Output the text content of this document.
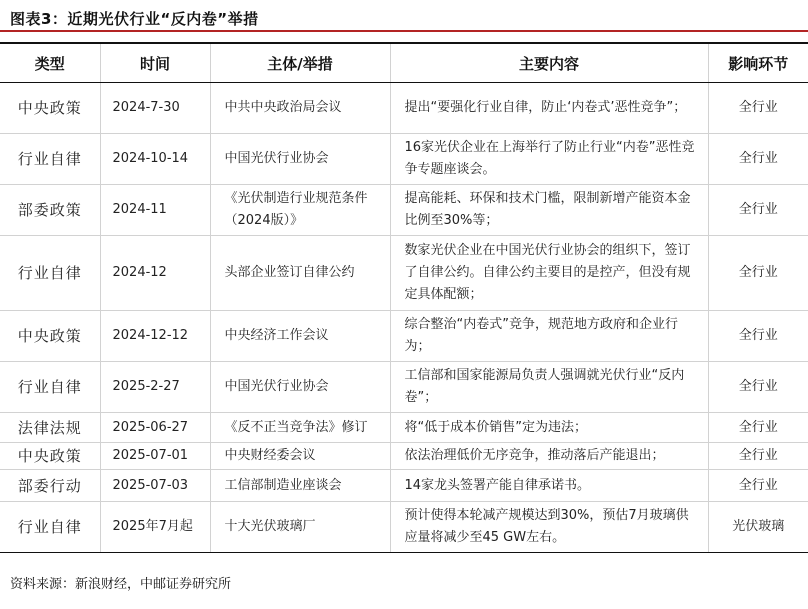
图表3：近期光伏行业“反内卷”举措
类型	时间	主体/举措	主要内容	影响环节
中央政策	2024-7-30	中共中央政治局会议	提出“要强化行业自律，防止‘内卷式’恶性竞争”；	全行业
行业自律	2024-10-14	中国光伏行业协会	16家光伏企业在上海举行了防止行业“内卷”恶性竞争专题座谈会。	全行业
部委政策	2024-11	《光伏制造行业规范条件（2024版）》	提高能耗、环保和技术门槛，限制新增产能资本金比例至30%等；	全行业
行业自律	2024-12	头部企业签订自律公约	数家光伏企业在中国光伏行业协会的组织下，签订了自律公约。自律公约主要目的是控产，但没有规定具体配额；	全行业
中央政策	2024-12-12	中央经济工作会议	综合整治“内卷式”竞争，规范地方政府和企业行为；	全行业
行业自律	2025-2-27	中国光伏行业协会	工信部和国家能源局负责人强调就光伏行业“反内卷”；	全行业
法律法规	2025-06-27	《反不正当竞争法》修订	将“低于成本价销售”定为违法；	全行业
中央政策	2025-07-01	中央财经委会议	依法治理低价无序竞争，推动落后产能退出；	全行业
部委行动	2025-07-03	工信部制造业座谈会	14家龙头签署产能自律承诺书。	全行业
行业自律	2025年7月起	十大光伏玻璃厂	预计使得本轮减产规模达到30%，预估7月玻璃供应量将减少至45 GW左右。	光伏玻璃
资料来源：新浪财经，中邮证券研究所
